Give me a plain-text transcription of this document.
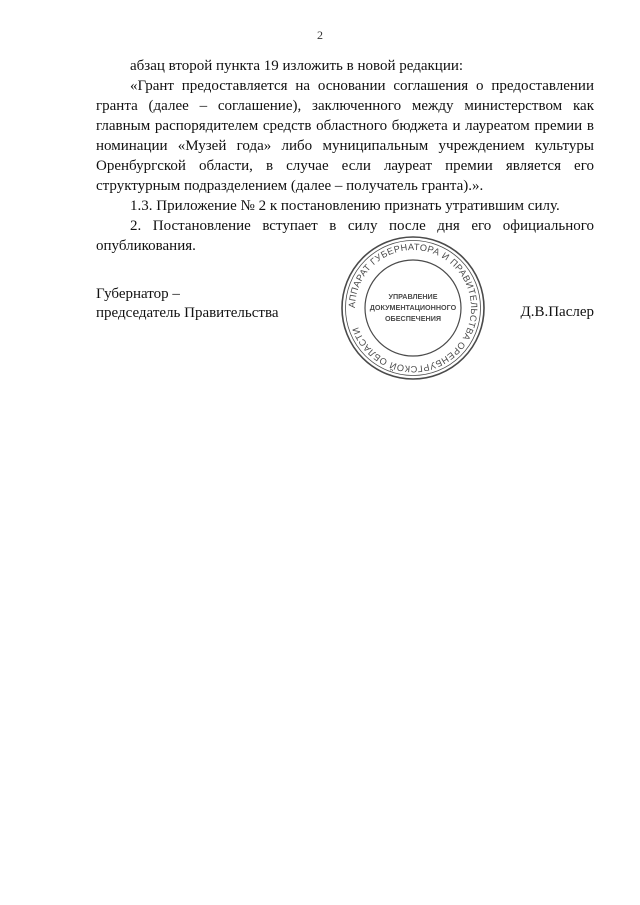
2

абзац второй пункта 19 изложить в новой редакции:

«Грант предоставляется на основании соглашения о предоставлении гранта (далее – соглашение), заключенного между министерством как главным распорядителем средств областного бюджета и лауреатом премии в номинации «Музей года» либо муниципальным учреждением культуры Оренбургской области, в случае если лауреат премии является его структурным подразделением (далее – получатель гранта).».

1.3. Приложение № 2 к постановлению признать утратившим силу.

2. Постановление вступает в силу после дня его официального опубликования.

Губернатор –
председатель Правительства	Д.В.Паслер
АППАРАТ ГУБЕРНАТОРА И ПРАВИТЕЛЬСТВА ОРЕНБУРГСКОЙ ОБЛАСТИ
УПРАВЛЕНИЕ
ДОКУМЕНТАЦИОННОГО
ОБЕСПЕЧЕНИЯ
